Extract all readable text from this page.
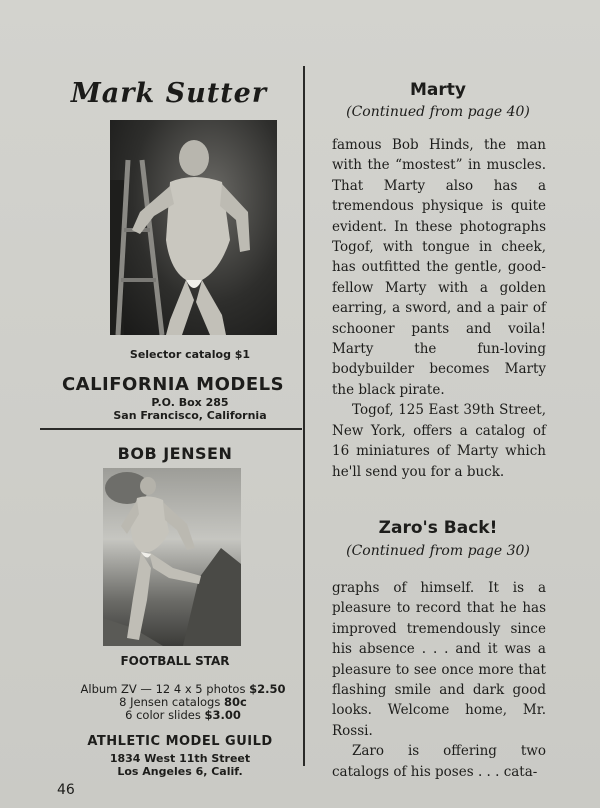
Mark Sutter
Selector catalog $1
CALIFORNIA MODELS
P.O. Box 285
San Francisco, California
BOB JENSEN
FOOTBALL STAR
Album ZV — 12 4 x 5 photos $2.50
8 Jensen catalogs 80c
6 color slides $3.00
ATHLETIC MODEL GUILD
1834 West 11th Street
Los Angeles 6, Calif.
46
Marty
(Continued from page 40)

famous Bob Hinds, the man with the “mostest” in muscles. That Marty also has a tremendous physique is quite evident. In these photographs Togof, with tongue in cheek, has outfitted the gentle, good-fellow Marty with a golden earring, a sword, and a pair of schooner pants and voila! Marty the fun-loving bodybuilder becomes Marty the black pirate.

Togof, 125 East 39th Street, New York, offers a catalog of 16 miniatures of Marty which he'll send you for a buck.

Zaro's Back!
(Continued from page 30)

graphs of himself. It is a pleasure to record that he has improved tremendously since his absence . . . and it was a pleasure to see once more that flashing smile and dark good looks. Welcome home, Mr. Rossi.

Zaro is offering two catalogs of his poses . . . cata-
